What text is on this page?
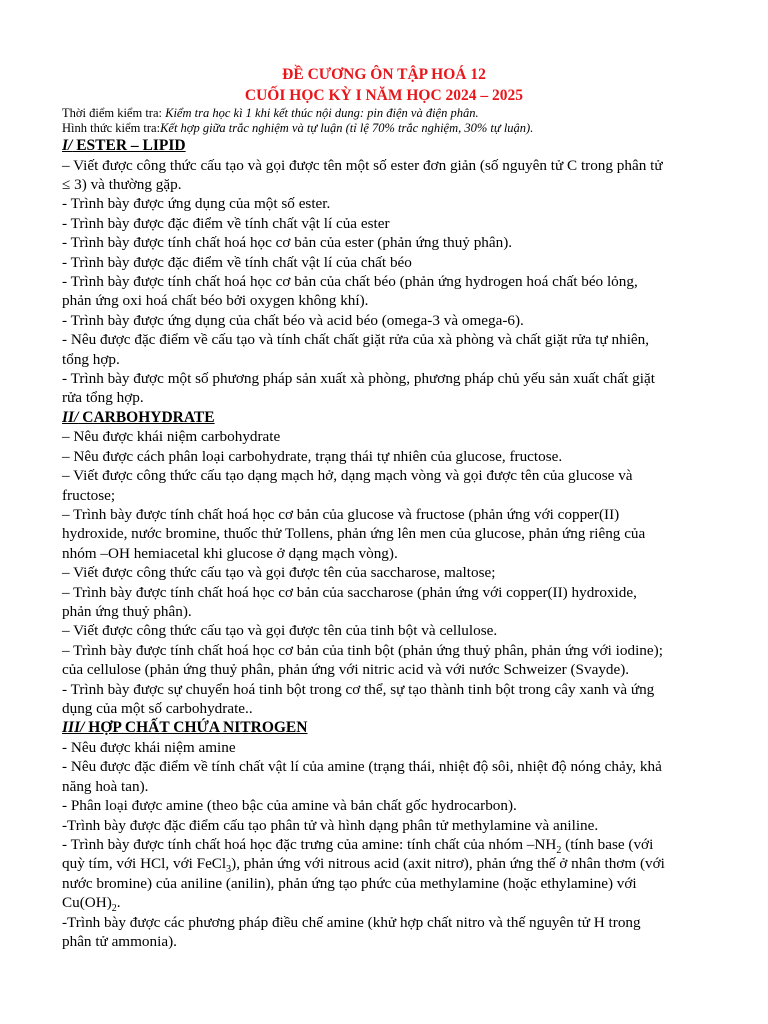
ĐỀ CƯƠNG ÔN TẬP HOÁ 12
CUỐI HỌC KỲ I NĂM HỌC 2024 – 2025
Thời điểm kiểm tra: Kiểm tra học kì 1 khi kết thúc nội dung: pin điện và điện phân.
Hình thức kiểm tra:Kết hợp giữa trắc nghiệm và tự luận (tỉ lệ 70% trắc nghiệm, 30% tự luận).
I/ ESTER – LIPID
– Viết được công thức cấu tạo và gọi được tên một số ester đơn giản (số nguyên tử C trong phân tử
≤ 3) và thường gặp.
- Trình bày được ứng dụng của một số ester.
- Trình bày được đặc điểm về tính chất vật lí của ester
- Trình bày được tính chất hoá học cơ bản của ester (phản ứng thuỷ phân).
- Trình bày được đặc điểm về tính chất vật lí của chất béo
- Trình bày được tính chất hoá học cơ bản của chất béo (phản ứng hydrogen hoá chất béo lỏng,
phản ứng oxi hoá chất béo bởi oxygen không khí).
- Trình bày được ứng dụng của chất béo và acid béo (omega-3 và omega-6).
- Nêu được đặc điểm về cấu tạo và tính chất chất giặt rửa của xà phòng và chất giặt rửa tự nhiên,
tổng hợp.
- Trình bày được một số phương pháp sản xuất xà phòng, phương pháp chủ yếu sản xuất chất giặt
rửa tổng hợp.
II/ CARBOHYDRATE
– Nêu được khái niệm carbohydrate
– Nêu được cách phân loại carbohydrate, trạng thái tự nhiên của glucose, fructose.
– Viết được công thức cấu tạo dạng mạch hở, dạng mạch vòng và gọi được tên của glucose và
fructose;
– Trình bày được tính chất hoá học cơ bản của glucose và fructose (phản ứng với copper(II)
hydroxide, nước bromine, thuốc thử Tollens, phản ứng lên men của glucose, phản ứng riêng của
nhóm –OH hemiacetal khi glucose ở dạng mạch vòng).
– Viết được công thức cấu tạo và gọi được tên của saccharose, maltose;
– Trình bày được tính chất hoá học cơ bản của saccharose (phản ứng với copper(II) hydroxide,
phản ứng thuỷ phân).
– Viết được công thức cấu tạo và gọi được tên của tinh bột và cellulose.
– Trình bày được tính chất hoá học cơ bản của tinh bột (phản ứng thuỷ phân, phản ứng với iodine);
của cellulose (phản ứng thuỷ phân, phản ứng với nitric acid và với nước Schweizer (Svayde).
- Trình bày được sự chuyển hoá tinh bột trong cơ thể, sự tạo thành tinh bột trong cây xanh và ứng
dụng của một số carbohydrate..
III/ HỢP CHẤT CHỨA NITROGEN
- Nêu được khái niệm amine
- Nêu được đặc điểm về tính chất vật lí của amine (trạng thái, nhiệt độ sôi, nhiệt độ nóng chảy, khả
năng hoà tan).
- Phân loại được amine (theo bậc của amine và bản chất gốc hydrocarbon).
-Trình bày được đặc điểm cấu tạo phân tử và hình dạng phân tử methylamine và aniline.
- Trình bày được tính chất hoá học đặc trưng của amine: tính chất của nhóm $-NH_2$ (tính base (với
quỳ tím, với HCl, với FeCl$_3$), phản ứng với nitrous acid (axit nitrơ), phản ứng thế ở nhân thơm (với
nước bromine) của aniline (anilin), phản ứng tạo phức của methylamine (hoặc ethylamine) với
$Cu(OH)_2$.
-Trình bày được các phương pháp điều chế amine (khử hợp chất nitro và thế nguyên tử H trong
phân tử ammonia).
